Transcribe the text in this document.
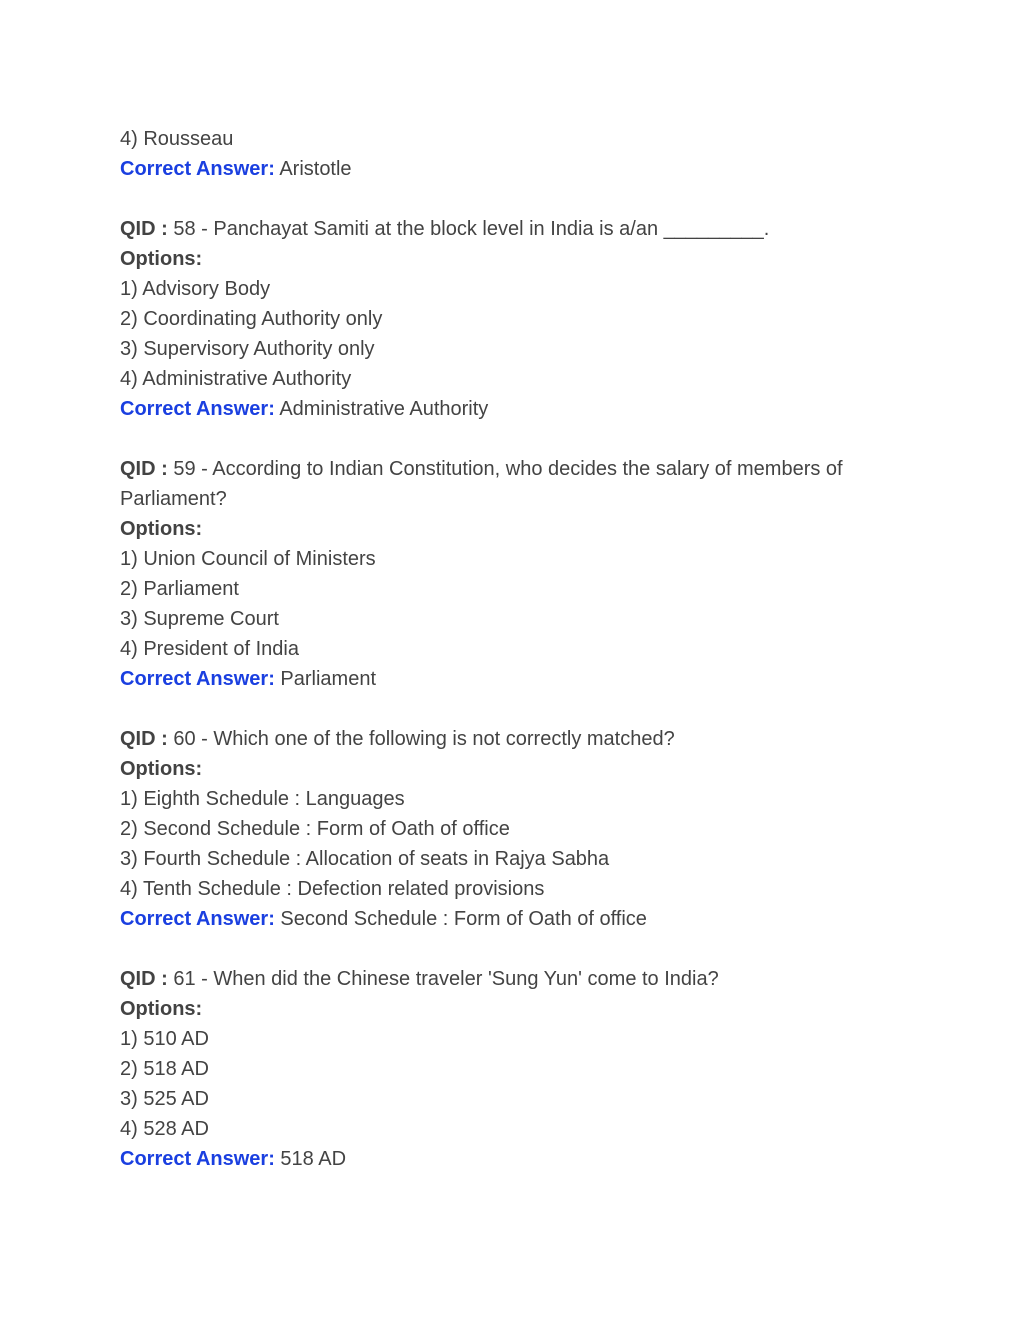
4) Rousseau
Correct Answer: Aristotle
QID : 58 - Panchayat Samiti at the block level in India is a/an _________.
Options:
1) Advisory Body
2) Coordinating Authority only
3) Supervisory Authority only
4) Administrative Authority
Correct Answer: Administrative Authority
QID : 59 - According to Indian Constitution, who decides the salary of members of Parliament?
Options:
1) Union Council of Ministers
2) Parliament
3) Supreme Court
4) President of India
Correct Answer: Parliament
QID : 60 - Which one of the following is not correctly matched?
Options:
1) Eighth Schedule : Languages
2) Second Schedule : Form of Oath of office
3) Fourth Schedule : Allocation of seats in Rajya Sabha
4) Tenth Schedule : Defection related provisions
Correct Answer: Second Schedule : Form of Oath of office
QID : 61 - When did the Chinese traveler 'Sung Yun' come to India?
Options:
1) 510 AD
2) 518 AD
3) 525 AD
4) 528 AD
Correct Answer: 518 AD
